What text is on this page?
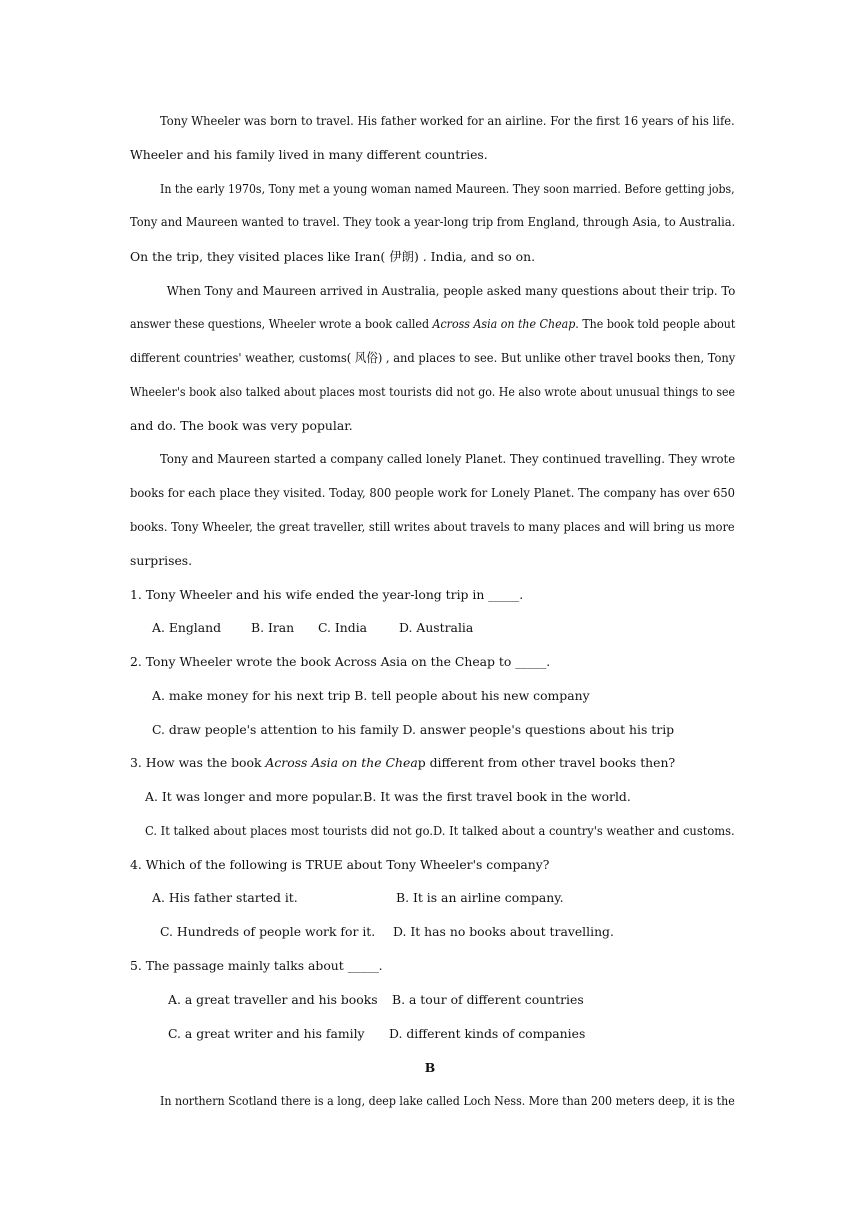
Tony Wheeler was born to travel. His father worked for an airline. For the first 16 years of his life.
Wheeler and his family lived in many different countries.
In the early 1970s, Tony met a young woman named Maureen. They soon married. Before getting jobs,
Tony and Maureen wanted to travel. They took a year-long trip from England, through Asia, to Australia.
On the trip, they visited places like Iran( 伊朗) . India, and so on.
When Tony and Maureen arrived in Australia, people asked many questions about their trip. To
answer these questions, Wheeler wrote a book called Across Asia on the Cheap. The book told people about
different countries' weather, customs( 风俗) , and places to see. But unlike other travel books then, Tony
Wheeler's book also talked about places most tourists did not go. He also wrote about unusual things to see
and do. The book was very popular.
Tony and Maureen started a company called lonely Planet. They continued travelling. They wrote
books for each place they visited. Today, 800 people work for Lonely Planet. The company has over 650
books. Tony Wheeler, the great traveller, still writes about travels to many places and will bring us more
surprises.
1. Tony Wheeler and his wife ended the year-long trip in _____.
A. England B. Iran C. India	D. Australia
2. Tony Wheeler wrote the book Across Asia on the Cheap to _____.
A. make money for his next trip B. tell people about his new company
C. draw people's attention to his family D. answer people's questions about his trip
3. How was the book Across Asia on the Cheap different from other travel books then?
A. It was longer and more popular.B. It was the first travel book in the world.
C. It talked about places most tourists did not go.D. It talked about a country's weather and customs.
4. Which of the following is TRUE about Tony Wheeler's company?
A. His father started it.	B. It is an airline company.
C. Hundreds of people work for it. D. It has no books about travelling.
5. The passage mainly talks about _____.
A. a great traveller and his books B. a tour of different countries
C. a great writer and his family D. different kinds of companies
B
In northern Scotland there is a long, deep lake called Loch Ness. More than 200 meters deep, it is the
